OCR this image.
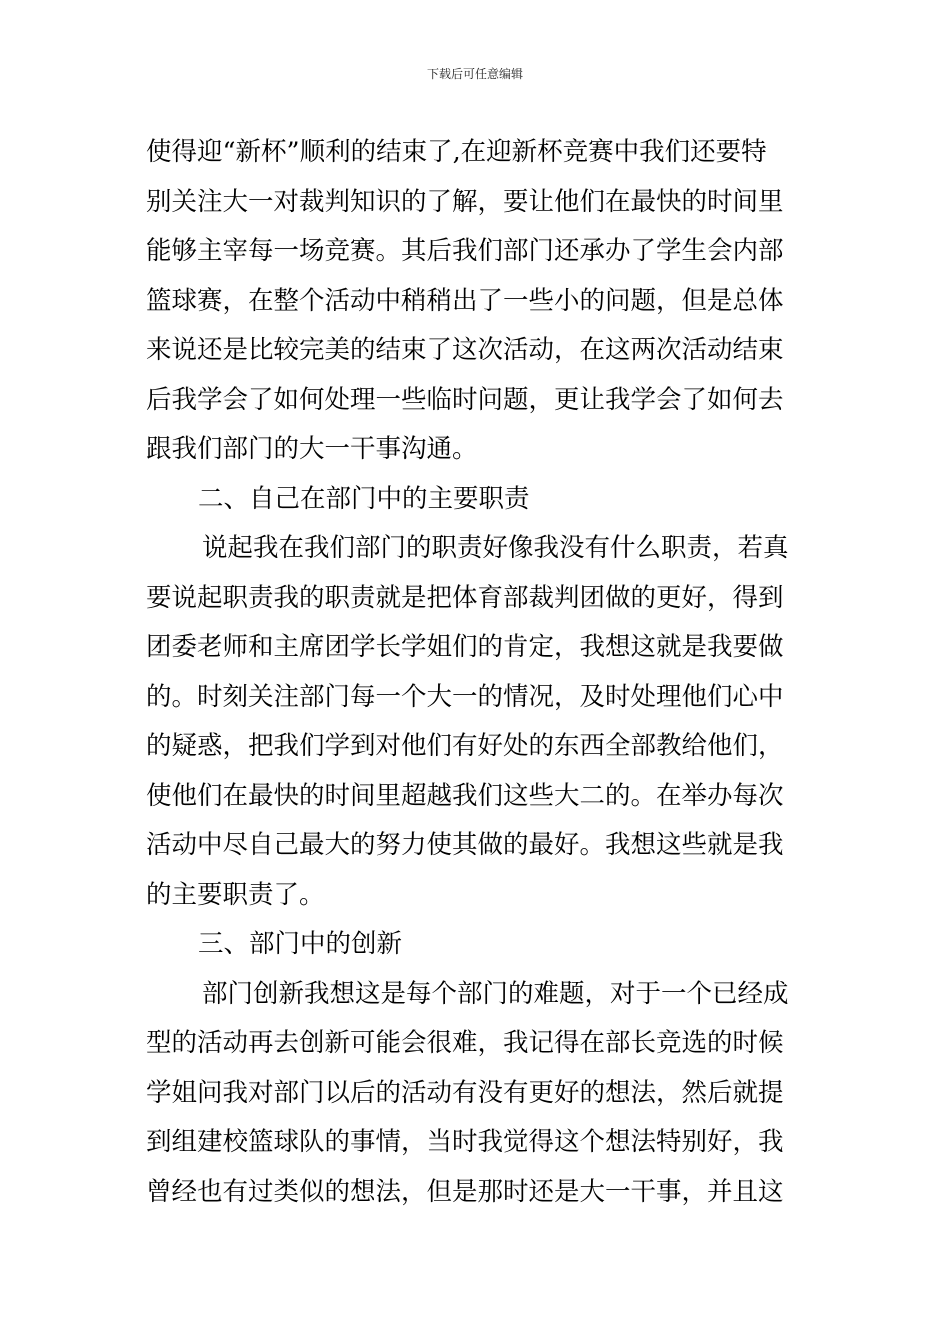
下载后可任意编辑
使得迎“新杯”顺利的结束了,在迎新杯竞赛中我们还要特
别关注大一对裁判知识的了解，要让他们在最快的时间里
能够主宰每一场竞赛。其后我们部门还承办了学生会内部
篮球赛，在整个活动中稍稍出了一些小的问题，但是总体
来说还是比较完美的结束了这次活动，在这两次活动结束
后我学会了如何处理一些临时问题，更让我学会了如何去
跟我们部门的大一干事沟通。
二、自己在部门中的主要职责
说起我在我们部门的职责好像我没有什么职责，若真
要说起职责我的职责就是把体育部裁判团做的更好，得到
团委老师和主席团学长学姐们的肯定，我想这就是我要做
的。时刻关注部门每一个大一的情况，及时处理他们心中
的疑惑，把我们学到对他们有好处的东西全部教给他们，
使他们在最快的时间里超越我们这些大二的。在举办每次
活动中尽自己最大的努力使其做的最好。我想这些就是我
的主要职责了。
三、部门中的创新
部门创新我想这是每个部门的难题，对于一个已经成
型的活动再去创新可能会很难，我记得在部长竞选的时候
学姐问我对部门以后的活动有没有更好的想法，然后就提
到组建校篮球队的事情，当时我觉得这个想法特别好，我
曾经也有过类似的想法，但是那时还是大一干事，并且这
